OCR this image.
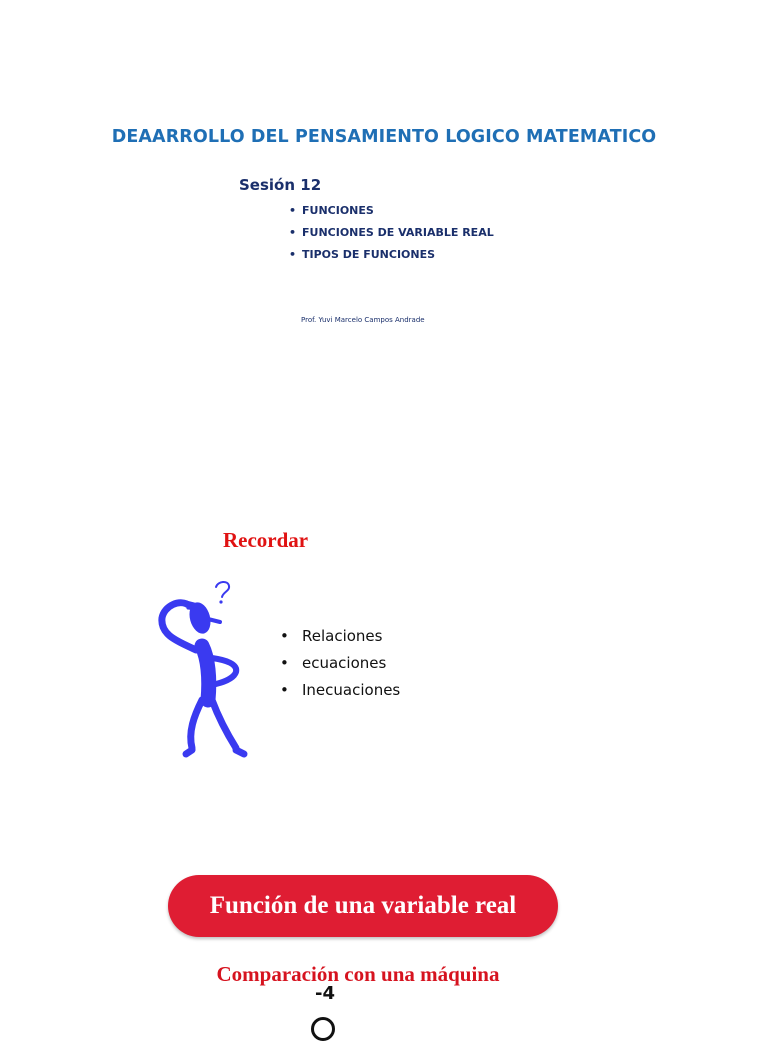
DEAARROLLO DEL PENSAMIENTO LOGICO MATEMATICO
Sesión 12
• FUNCIONES
• FUNCIONES DE VARIABLE REAL
• TIPOS DE FUNCIONES
Prof. Yuvi Marcelo Campos Andrade
Recordar
• Relaciones
• ecuaciones
• Inecuaciones
Función de una variable real
Comparación con una máquina
-4
